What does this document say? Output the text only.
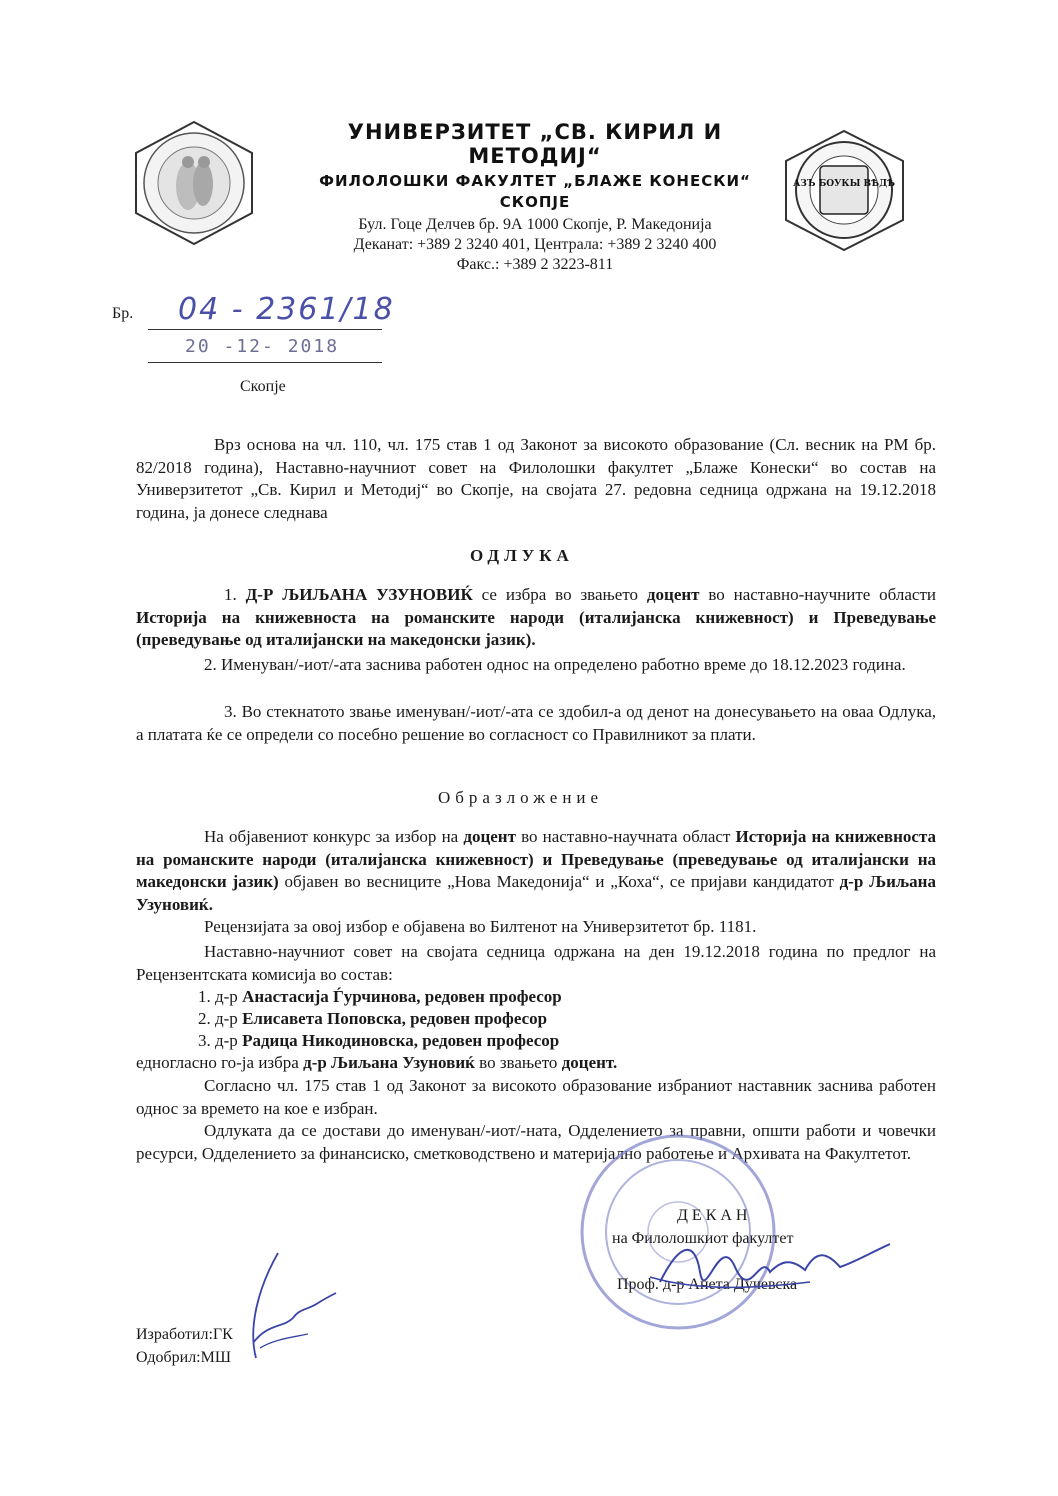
АЗЪ БОУКЫ ВѢДѢ
УНИВЕРЗИТЕТ „СВ. КИРИЛ И МЕТОДИЈ“
ФИЛОЛОШКИ ФАКУЛТЕТ „БЛАЖЕ КОНЕСКИ“
СКОПЈЕ
Бул. Гоце Делчев бр. 9А 1000 Скопје, Р. Македонија
Деканат: +389 2 3240 401, Централа: +389 2 3240 400
Факс.: +389 2 3223-811
Бр. 04 - 2361/18
20 -12- 2018
Скопје
Врз основа на чл. 110, чл. 175 став 1 од Законот за високото образование (Сл. весник на РМ бр. 82/2018 година), Наставно-научниот совет на Филолошки факултет „Блаже Конески“ во состав на Универзитетот „Св. Кирил и Методиј“ во Скопје, на својата 27. редовна седница одржана на 19.12.2018 година, ја донесе следнава
ОДЛУКА
1. Д-Р ЉИЉАНА УЗУНОВИЌ се избра во звањето доцент во наставно-научните области Историја на книжевноста на романските народи (италијанска книжевност) и Преведување (преведување од италијански на македонски јазик).
2. Именуван/-иот/-ата заснива работен однос на определено работно време до 18.12.2023 година.
3. Во стекнатото звање именуван/-иот/-ата се здобил-а од денот на донесувањето на оваа Одлука, а платата ќе се определи со посебно решение во согласност со Правилникот за плати.
Образложение
На објавениот конкурс за избор на доцент во наставно-научната област Историја на книжевноста на романските народи (италијанска книжевност) и Преведување (преведување од италијански на македонски јазик) објавен во весниците „Нова Македонија“ и „Коха“, се пријави кандидатот д-р Љиљана Узуновиќ.
Рецензијата за овој избор е објавена во Билтенот на Универзитетот бр. 1181.
Наставно-научниот совет на својата седница одржана на ден 19.12.2018 година по предлог на Рецензентската комисија во состав:
1. д-р Анастасија Ѓурчинова, редовен професор
2. д-р Елисавета Поповска, редовен професор
3. д-р Радица Никодиновска, редовен професор
едногласно го-ја избра д-р Љиљана Узуновиќ во звањето доцент.
Согласно чл. 175 став 1 од Законот за високото образование избраниот наставник заснива работен однос за времето на кое е избран.
Одлуката да се достави до именуван/-иот/-ната, Одделението за правни, општи работи и човечки ресурси, Одделението за финансиско, сметководствено и материјално работење и Архивата на Факултетот.
ДЕКАН
на Филолошкиот факултет
Проф. д-р Анета Дучевска
Изработил:ГК
Одобрил:МШ
